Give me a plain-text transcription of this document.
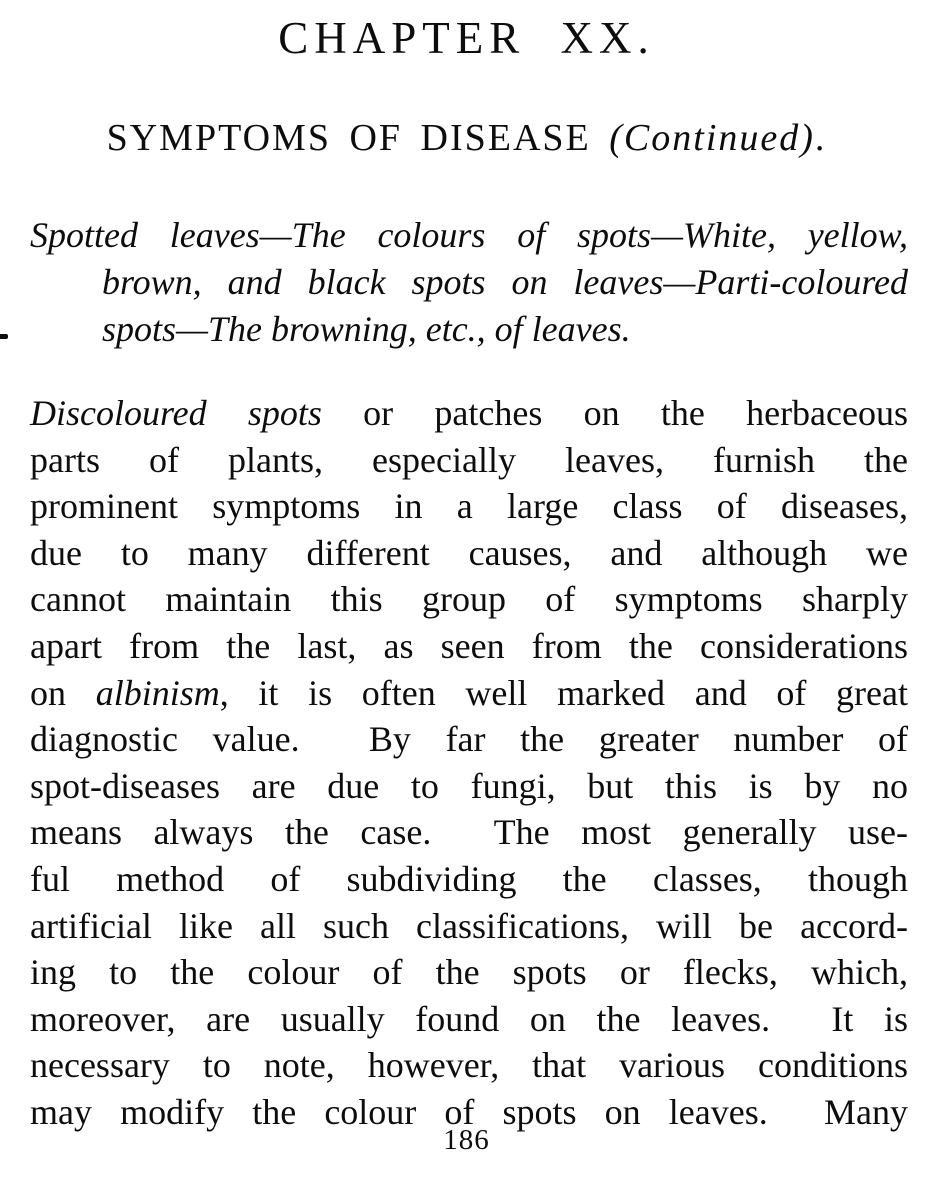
CHAPTER XX.
SYMPTOMS OF DISEASE (Continued).
Spotted leaves—The colours of spots—White, yellow,
brown, and black spots on leaves—Parti-coloured
spots—The browning, etc., of leaves.
Discoloured spots or patches on the herbaceous
parts of plants, especially leaves, furnish the
prominent symptoms in a large class of diseases,
due to many different causes, and although we
cannot maintain this group of symptoms sharply
apart from the last, as seen from the considerations
on albinism, it is often well marked and of great
diagnostic value.  By far the greater number of
spot-diseases are due to fungi, but this is by no
means always the case.  The most generally use-
ful method of subdividing the classes, though
artificial like all such classifications, will be accord-
ing to the colour of the spots or flecks, which,
moreover, are usually found on the leaves.  It is
necessary to note, however, that various conditions
may modify the colour of spots on leaves.  Many
186
